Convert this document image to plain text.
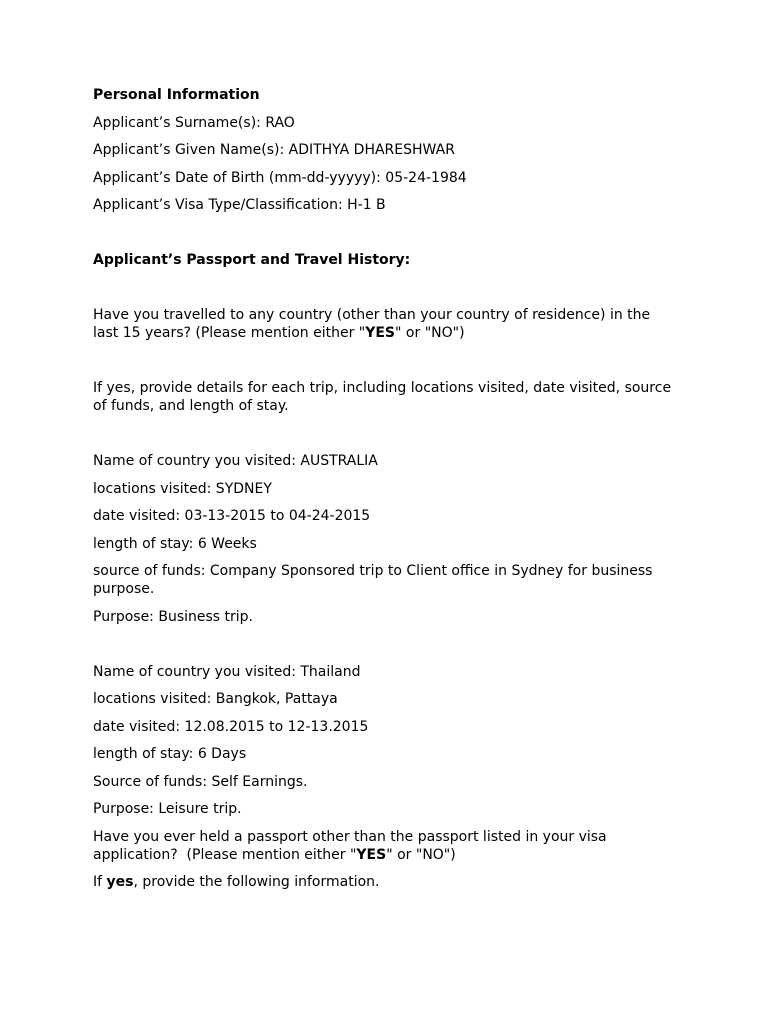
Personal Information

Applicant’s Surname(s): RAO

Applicant’s Given Name(s): ADITHYA DHARESHWAR

Applicant’s Date of Birth (mm-dd-yyyyy): 05-24-1984

Applicant’s Visa Type/Classification: H-1 B

Applicant’s Passport and Travel History:

Have you travelled to any country (other than your country of residence) in the last 15 years? (Please mention either "YES" or "NO")

If yes, provide details for each trip, including locations visited, date visited, source of funds, and length of stay.

Name of country you visited: AUSTRALIA

locations visited: SYDNEY

date visited: 03-13-2015 to 04-24-2015

length of stay: 6 Weeks

source of funds: Company Sponsored trip to Client office in Sydney for business purpose.

Purpose: Business trip.

Name of country you visited: Thailand

locations visited: Bangkok, Pattaya

date visited: 12.08.2015 to 12-13.2015

length of stay: 6 Days

Source of funds: Self Earnings.

Purpose: Leisure trip.

Have you ever held a passport other than the passport listed in your visa application?  (Please mention either "YES" or "NO")

If yes, provide the following information.
